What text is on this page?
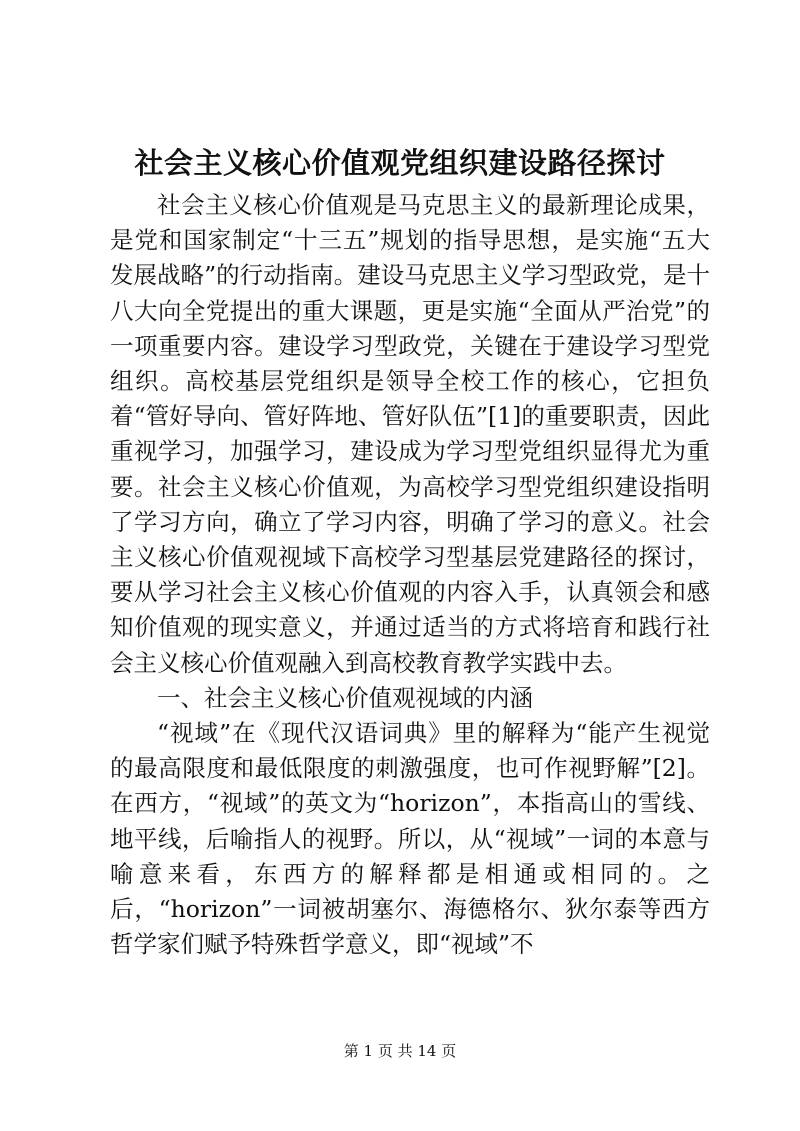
社会主义核心价值观党组织建设路径探讨

社会主义核心价值观是马克思主义的最新理论成果，是党和国家制定“十三五”规划的指导思想，是实施“五大发展战略”的行动指南。建设马克思主义学习型政党，是十八大向全党提出的重大课题，更是实施“全面从严治党”的一项重要内容。建设学习型政党，关键在于建设学习型党组织。高校基层党组织是领导全校工作的核心，它担负着“管好导向、管好阵地、管好队伍”[1]的重要职责，因此重视学习，加强学习，建设成为学习型党组织显得尤为重要。社会主义核心价值观，为高校学习型党组织建设指明了学习方向，确立了学习内容，明确了学习的意义。社会主义核心价值观视域下高校学习型基层党建路径的探讨，要从学习社会主义核心价值观的内容入手，认真领会和感知价值观的现实意义，并通过适当的方式将培育和践行社会主义核心价值观融入到高校教育教学实践中去。

一、社会主义核心价值观视域的内涵

“视域”在《现代汉语词典》里的解释为“能产生视觉的最高限度和最低限度的刺激强度，也可作视野解”[2]。在西方，“视域”的英文为“horizon”，本指高山的雪线、地平线，后喻指人的视野。所以，从“视域”一词的本意与喻意来看，东西方的解释都是相通或相同的。之后，“horizon”一词被胡塞尔、海德格尔、狄尔泰等西方哲学家们赋予特殊哲学意义，即“视域”不

第 1 页 共 14 页
